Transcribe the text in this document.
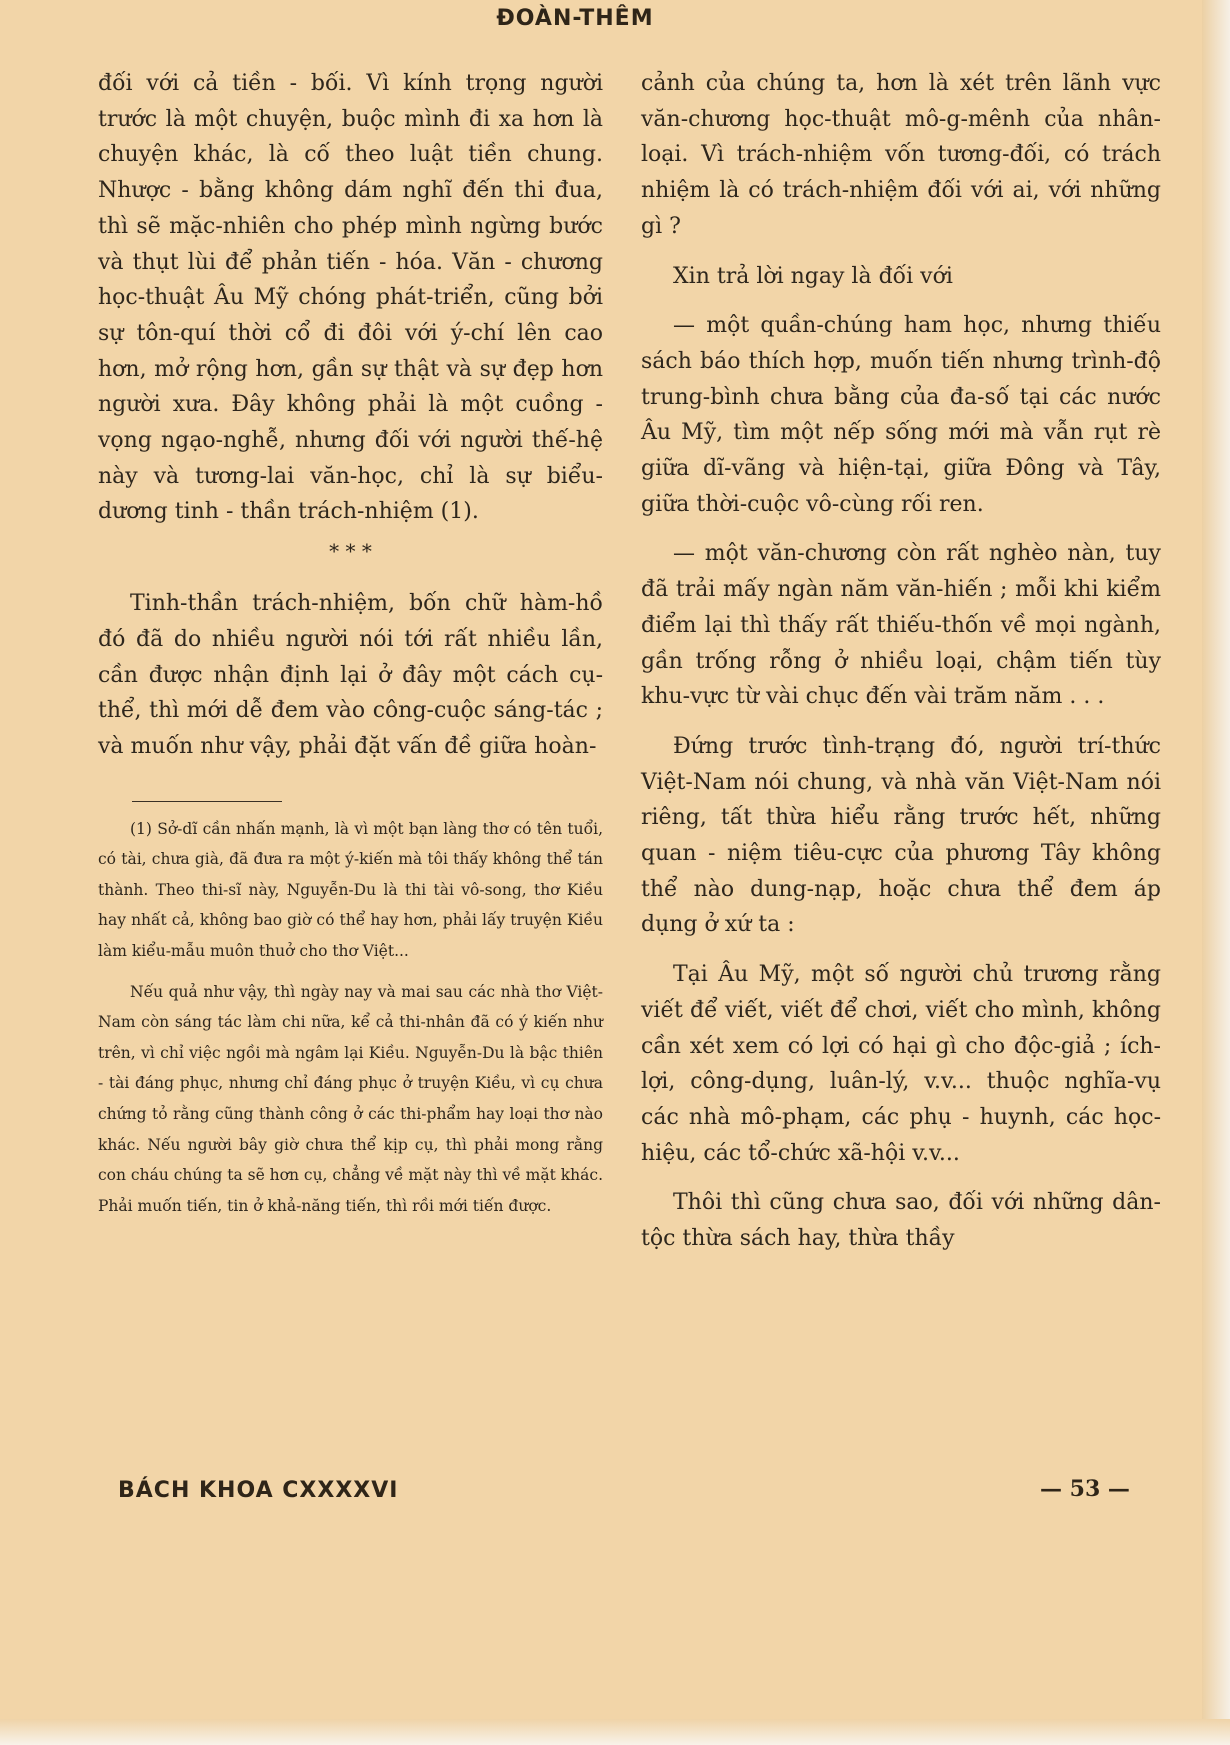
ĐOÀN-THÊM

đối với cả tiền - bối. Vì kính trọng người trước là một chuyện, buộc mình đi xa hơn là chuyện khác, là cố theo luật tiền chung. Nhược - bằng không dám nghĩ đến thi đua, thì sẽ mặc-nhiên cho phép mình ngừng bước và thụt lùi để phản tiến - hóa. Văn - chương học-thuật Âu Mỹ chóng phát-triển, cũng bởi sự tôn-quí thời cổ đi đôi với ý-chí lên cao hơn, mở rộng hơn, gần sự thật và sự đẹp hơn người xưa. Đây không phải là một cuồng - vọng ngạo-nghễ, nhưng đối với người thế-hệ này và tương-lai văn-học, chỉ là sự biểu-dương tinh - thần trách-nhiệm (1).

* * *

Tinh-thần trách-nhiệm, bốn chữ hàm-hồ đó đã do nhiều người nói tới rất nhiều lần, cần được nhận định lại ở đây một cách cụ-thể, thì mới dễ đem vào công-cuộc sáng-tác ; và muốn như vậy, phải đặt vấn đề giữa hoàn-

(1) Sở-dĩ cần nhấn mạnh, là vì một bạn làng thơ có tên tuổi, có tài, chưa già, đã đưa ra một ý-kiến mà tôi thấy không thể tán thành. Theo thi-sĩ này, Nguyễn-Du là thi tài vô-song, thơ Kiều hay nhất cả, không bao giờ có thể hay hơn, phải lấy truyện Kiều làm kiểu-mẫu muôn thuở cho thơ Việt...

Nếu quả như vậy, thì ngày nay và mai sau các nhà thơ Việt-Nam còn sáng tác làm chi nữa, kể cả thi-nhân đã có ý kiến như trên, vì chỉ việc ngồi mà ngâm lại Kiều. Nguyễn-Du là bậc thiên - tài đáng phục, nhưng chỉ đáng phục ở truyện Kiều, vì cụ chưa chứng tỏ rằng cũng thành công ở các thi-phẩm hay loại thơ nào khác. Nếu người bây giờ chưa thể kịp cụ, thì phải mong rằng con cháu chúng ta sẽ hơn cụ, chẳng về mặt này thì về mặt khác. Phải muốn tiến, tin ở khả-năng tiến, thì rồi mới tiến được.

cảnh của chúng ta, hơn là xét trên lãnh vực văn-chương học-thuật mô-g-mênh của nhân-loại. Vì trách-nhiệm vốn tương-đối, có trách nhiệm là có trách-nhiệm đối với ai, với những gì ?

Xin trả lời ngay là đối với

— một quần-chúng ham học, nhưng thiếu sách báo thích hợp, muốn tiến nhưng trình-độ trung-bình chưa bằng của đa-số tại các nước Âu Mỹ, tìm một nếp sống mới mà vẫn rụt rè giữa dĩ-vãng và hiện-tại, giữa Đông và Tây, giữa thời-cuộc vô-cùng rối ren.

— một văn-chương còn rất nghèo nàn, tuy đã trải mấy ngàn năm văn-hiến ; mỗi khi kiểm điểm lại thì thấy rất thiếu-thốn về mọi ngành, gần trống rỗng ở nhiều loại, chậm tiến tùy khu-vực từ vài chục đến vài trăm năm . . .

Đứng trước tình-trạng đó, người trí-thức Việt-Nam nói chung, và nhà văn Việt-Nam nói riêng, tất thừa hiểu rằng trước hết, những quan - niệm tiêu-cực của phương Tây không thể nào dung-nạp, hoặc chưa thể đem áp dụng ở xứ ta :

Tại Âu Mỹ, một số người chủ trương rằng viết để viết, viết để chơi, viết cho mình, không cần xét xem có lợi có hại gì cho độc-giả ; ích-lợi, công-dụng, luân-lý, v.v... thuộc nghĩa-vụ các nhà mô-phạm, các phụ - huynh, các học-hiệu, các tổ-chức xã-hội v.v...

Thôi thì cũng chưa sao, đối với những dân-tộc thừa sách hay, thừa thầy

BÁCH KHOA CXXXXVI	— 53 —
